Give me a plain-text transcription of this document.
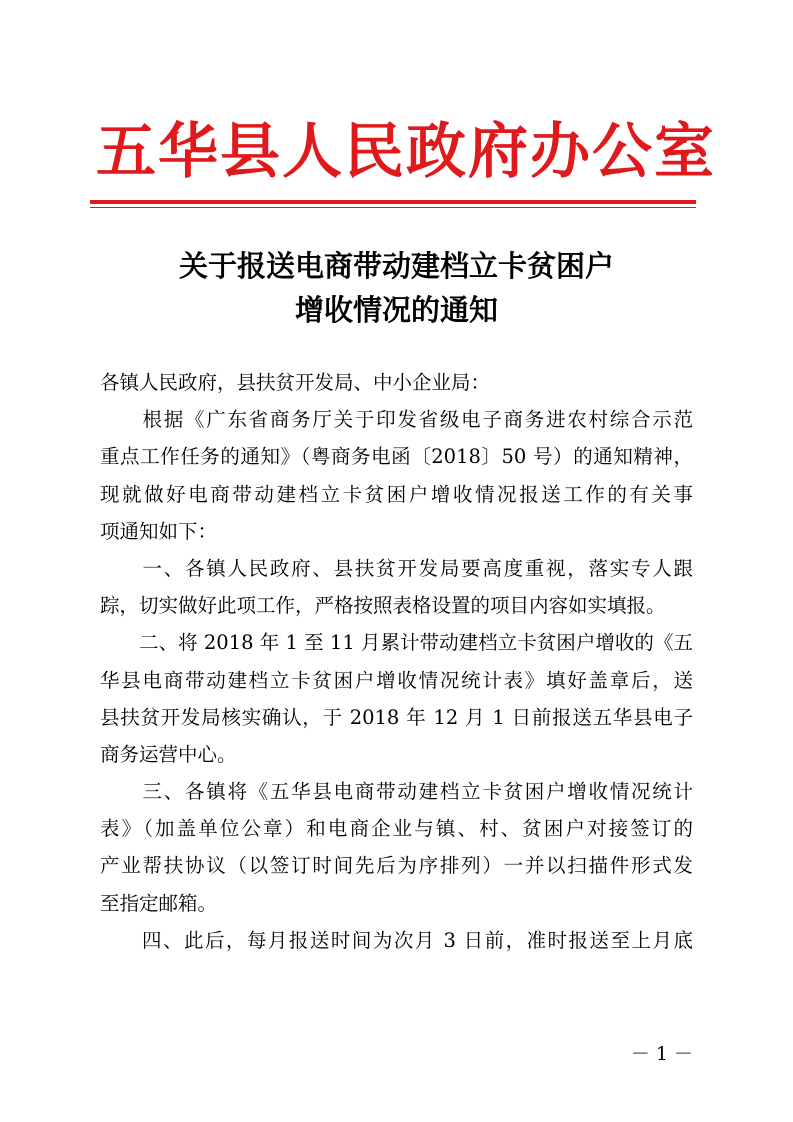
五华县人民政府办公室
关于报送电商带动建档立卡贫困户
增收情况的通知
各镇人民政府，县扶贫开发局、中小企业局：
　　根据《广东省商务厅关于印发省级电子商务进农村综合示范
重点工作任务的通知》（粤商务电函〔2018〕50 号）的通知精神，
现就做好电商带动建档立卡贫困户增收情况报送工作的有关事
项通知如下：
　　一、各镇人民政府、县扶贫开发局要高度重视，落实专人跟
踪，切实做好此项工作，严格按照表格设置的项目内容如实填报。
　　二、将 2018 年 1 至 11 月累计带动建档立卡贫困户增收的《五
华县电商带动建档立卡贫困户增收情况统计表》填好盖章后，送
县扶贫开发局核实确认，于 2018 年 12 月 1 日前报送五华县电子
商务运营中心。
　　三、各镇将《五华县电商带动建档立卡贫困户增收情况统计
表》（加盖单位公章）和电商企业与镇、村、贫困户对接签订的
产业帮扶协议（以签订时间先后为序排列）一并以扫描件形式发
至指定邮箱。
　　四、此后，每月报送时间为次月 3 日前，准时报送至上月底
－ 1 －
